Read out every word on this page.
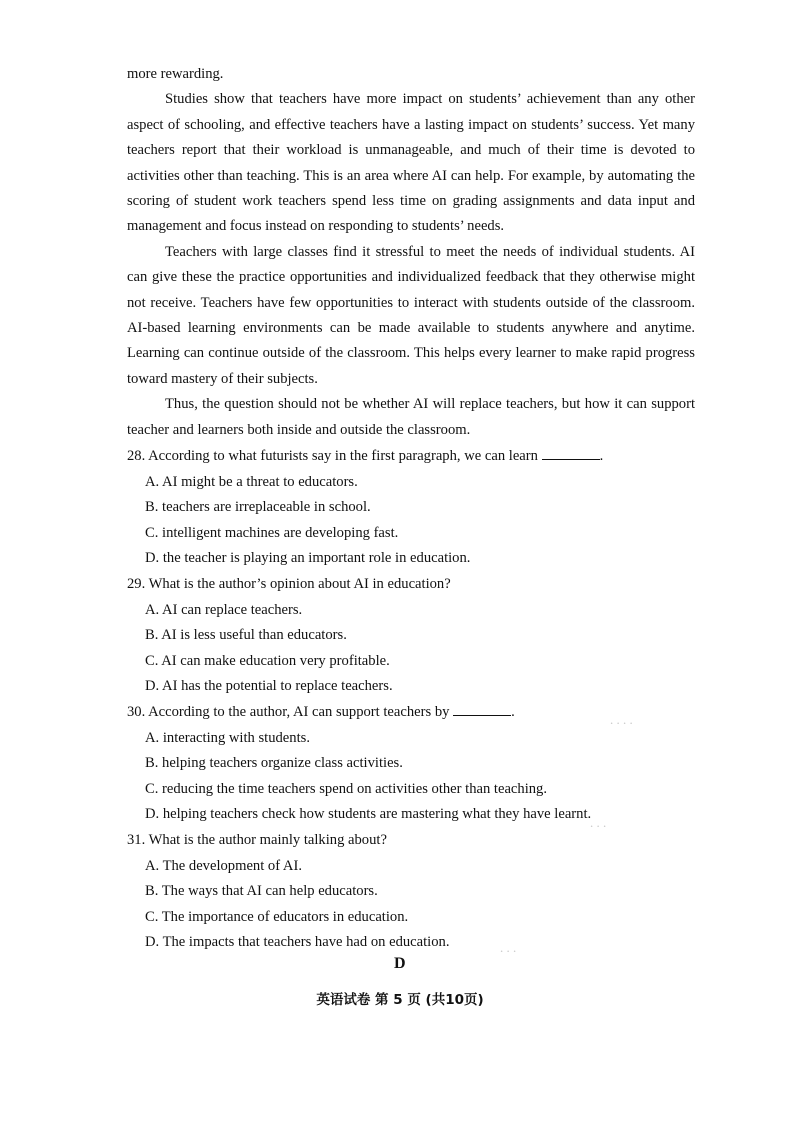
more rewarding.

Studies show that teachers have more impact on students’ achievement than any other aspect of schooling, and effective teachers have a lasting impact on students’ success. Yet many teachers report that their workload is unmanageable, and much of their time is devoted to activities other than teaching. This is an area where AI can help. For example, by automating the scoring of student work teachers spend less time on grading assignments and data input and management and focus instead on responding to students’ needs.

Teachers with large classes find it stressful to meet the needs of individual students. AI can give these the practice opportunities and individualized feedback that they otherwise might not receive. Teachers have few opportunities to interact with students outside of the classroom. AI-based learning environments can be made available to students anywhere and anytime. Learning can continue outside of the classroom. This helps every learner to make rapid progress toward mastery of their subjects.

Thus, the question should not be whether AI will replace teachers, but how it can support teacher and learners both inside and outside the classroom.

28. According to what futurists say in the first paragraph, we can learn	.

A. AI might be a threat to educators.

B. teachers are irreplaceable in school.

C. intelligent machines are developing fast.

D. the teacher is playing an important role in education.

29. What is the author’s opinion about AI in education?

A. AI can replace teachers.

B. AI is less useful than educators.

C. AI can make education very profitable.

D. AI has the potential to replace teachers.

30. According to the author, AI can support teachers by	.

A. interacting with students.

B. helping teachers organize class activities.

C. reducing the time teachers spend on activities other than teaching.

D. helping teachers check how students are mastering what they have learnt.

31. What is the author mainly talking about?

A. The development of AI.

B. The ways that AI can help educators.

C. The importance of educators in education.

D. The impacts that teachers have had on education.

. . . .
. . .
. . .
D
英语试卷 第 5 页 (共10页)
